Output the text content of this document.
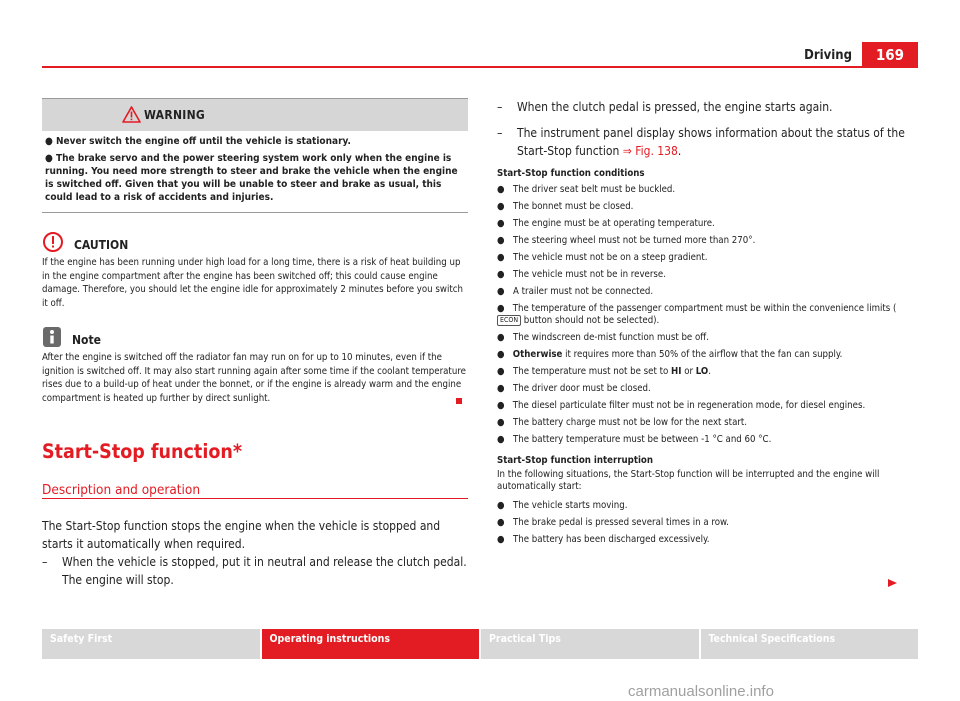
Driving	169
WARNING

● Never switch the engine off until the vehicle is stationary.

● The brake servo and the power steering system work only when the engine is running. You need more strength to steer and brake the vehicle when the engine is switched off. Given that you will be unable to steer and brake as usual, this could lead to a risk of accidents and injuries.

CAUTION
If the engine has been running under high load for a long time, there is a risk of heat building up in the engine compartment after the engine has been switched off; this could cause engine damage. Therefore, you should let the engine idle for approximately 2 minutes before you switch it off.
Note
After the engine is switched off the radiator fan may run on for up to 10 minutes, even if the ignition is switched off. It may also start running again after some time if the coolant temperature rises due to a build-up of heat under the bonnet, or if the engine is already warm and the engine compartment is heated up further by direct sunlight.
Start-Stop function*
Description and operation
The Start-Stop function stops the engine when the vehicle is stopped and starts it automatically when required.
–	When the vehicle is stopped, put it in neutral and release the clutch pedal. The engine will stop.
–	When the clutch pedal is pressed, the engine starts again.
–	The instrument panel display shows information about the status of the Start-Stop function ⇒ Fig. 138.
Start-Stop function conditions
● The driver seat belt must be buckled.
● The bonnet must be closed.
● The engine must be at operating temperature.
● The steering wheel must not be turned more than 270°.
● The vehicle must not be on a steep gradient.
● The vehicle must not be in reverse.
● A trailer must not be connected.
●   The temperature of the passenger compartment must be within the convenience limits (ECON button should not be selected).
● The windscreen de-mist function must be off.
●   Otherwise it requires more than 50% of the airflow that the fan can supply.
● The temperature must not be set to HI or LO.
● The driver door must be closed.
●   The diesel particulate filter must not be in regeneration mode, for diesel engines.
● The battery charge must not be low for the next start.
● The battery temperature must be between -1 °C and 60 °C.
Start-Stop function interruption
In the following situations, the Start-Stop function will be interrupted and the engine will automatically start:
● The vehicle starts moving.
● The brake pedal is pressed several times in a row.
● The battery has been discharged excessively.
Safety First	Operating instructions	Practical Tips	Technical Specifications
carmanualsonline.info
